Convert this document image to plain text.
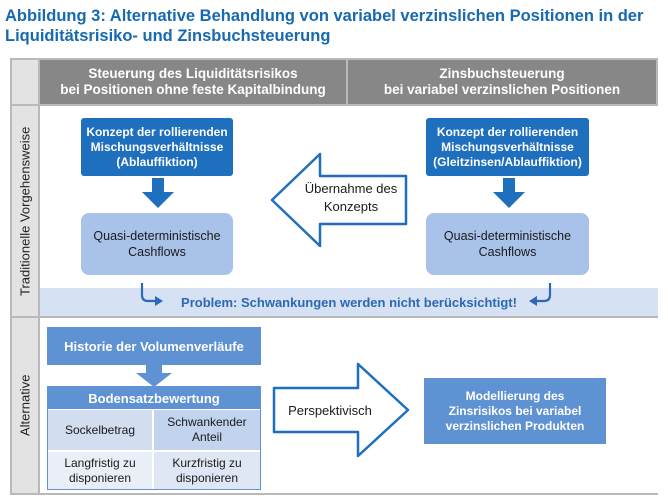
Abbildung 3: Alternative Behandlung von variabel verzinslichen Positionen in der
Liquiditätsrisiko- und Zinsbuchsteuerung
Traditionelle Vorgehensweise
Alternative
Steuerung des Liquiditätsrisikos
bei Positionen ohne feste Kapitalbindung
Zinsbuchsteuerung
bei variabel verzinslichen Positionen
Problem: Schwankungen werden nicht berücksichtigt!
Konzept der rollierenden
Mischungsverhältnisse
(Ablauffiktion)
Konzept der rollierenden
Mischungsverhältnisse
(Gleitzinsen/Ablauffiktion)
Quasi-deterministische
Cashflows
Quasi-deterministische
Cashflows
Übernahme des
Konzepts
Historie der Volumenverläufe
Bodensatzbewertung
Sockelbetrag
Schwankender
Anteil
Langfristig zu
disponieren
Kurzfristig zu
disponieren
Perspektivisch
Modellierung des
Zinsrisikos bei variabel
verzinslichen Produkten
